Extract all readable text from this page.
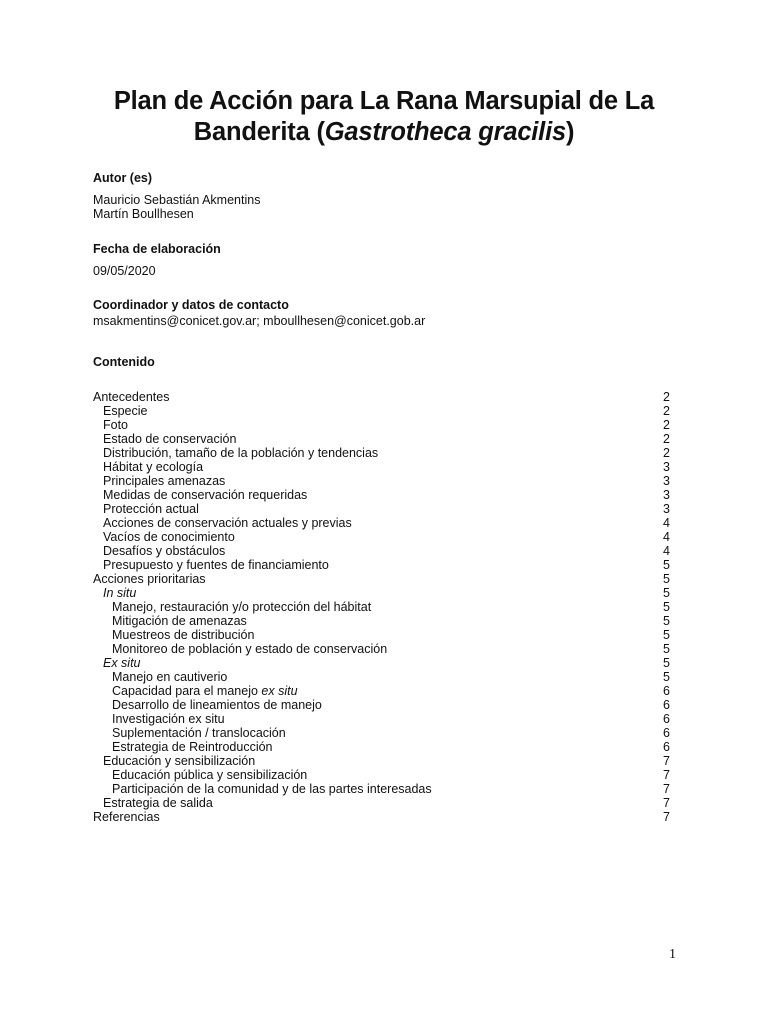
Plan de Acción para La Rana Marsupial de La Banderita (Gastrotheca gracilis)
Autor (es)
Mauricio Sebastián Akmentins
Martín Boullhesen
Fecha de elaboración
09/05/2020
Coordinador y datos de contacto
msakmentins@conicet.gov.ar; mboullhesen@conicet.gob.ar
Contenido
Antecedentes	2
Especie	2
Foto	2
Estado de conservación	2
Distribución, tamaño de la población y tendencias	2
Hábitat y ecología	3
Principales amenazas	3
Medidas de conservación requeridas	3
Protección actual	3
Acciones de conservación actuales y previas	4
Vacíos de conocimiento	4
Desafíos y obstáculos	4
Presupuesto y fuentes de financiamiento	5
Acciones prioritarias	5
In situ	5
Manejo, restauración y/o protección del hábitat	5
Mitigación de amenazas	5
Muestreos de distribución	5
Monitoreo de población y estado de conservación	5
Ex situ	5
Manejo en cautiverio	5
Capacidad para el manejo ex situ	6
Desarrollo de lineamientos de manejo	6
Investigación ex situ	6
Suplementación / translocación	6
Estrategia de Reintroducción	6
Educación y sensibilización	7
Educación pública y sensibilización	7
Participación de la comunidad y de las partes interesadas	7
Estrategia de salida	7
Referencias	7
1
